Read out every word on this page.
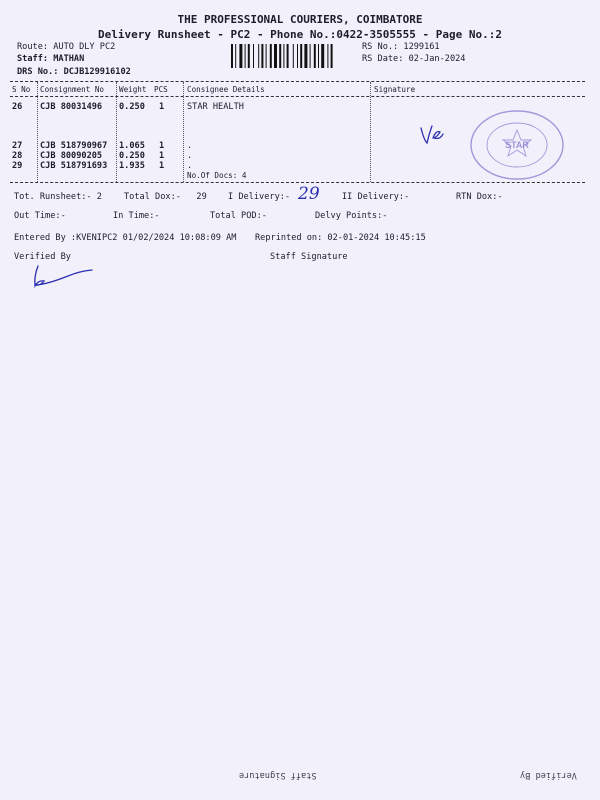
THE PROFESSIONAL COURIERS, COIMBATORE
Delivery Runsheet - PC2 - Phone No.:0422-3505555 - Page No.:2
Route: AUTO DLY PC2
Staff: MATHAN
DRS No.: DCJB129916102
RS No.: 1299161
RS Date: 02-Jan-2024
S No Consignment No Weight PCS	Consignee Details	Signature
26 CJB 80031496 0.250 1	STAR HEALTH
27 CJB 518790967 1.065 1	.
28 CJB 80090205 0.250 1	.
29 CJB 518791693 1.935 1	.
No.Of Docs: 4
STAR
Tot. Runsheet:- 2	Total Dox:-   29 I Delivery:- 29	II Delivery:-	RTN Dox:-
Out Time:-	In Time:-	Total POD:-	Delvy Points:-
Entered By :KVENIPC2 01/02/2024 10:08:09 AM Reprinted on: 02-01-2024 10:45:15
Verified By	Staff Signature
Staff Signature	Verified By
